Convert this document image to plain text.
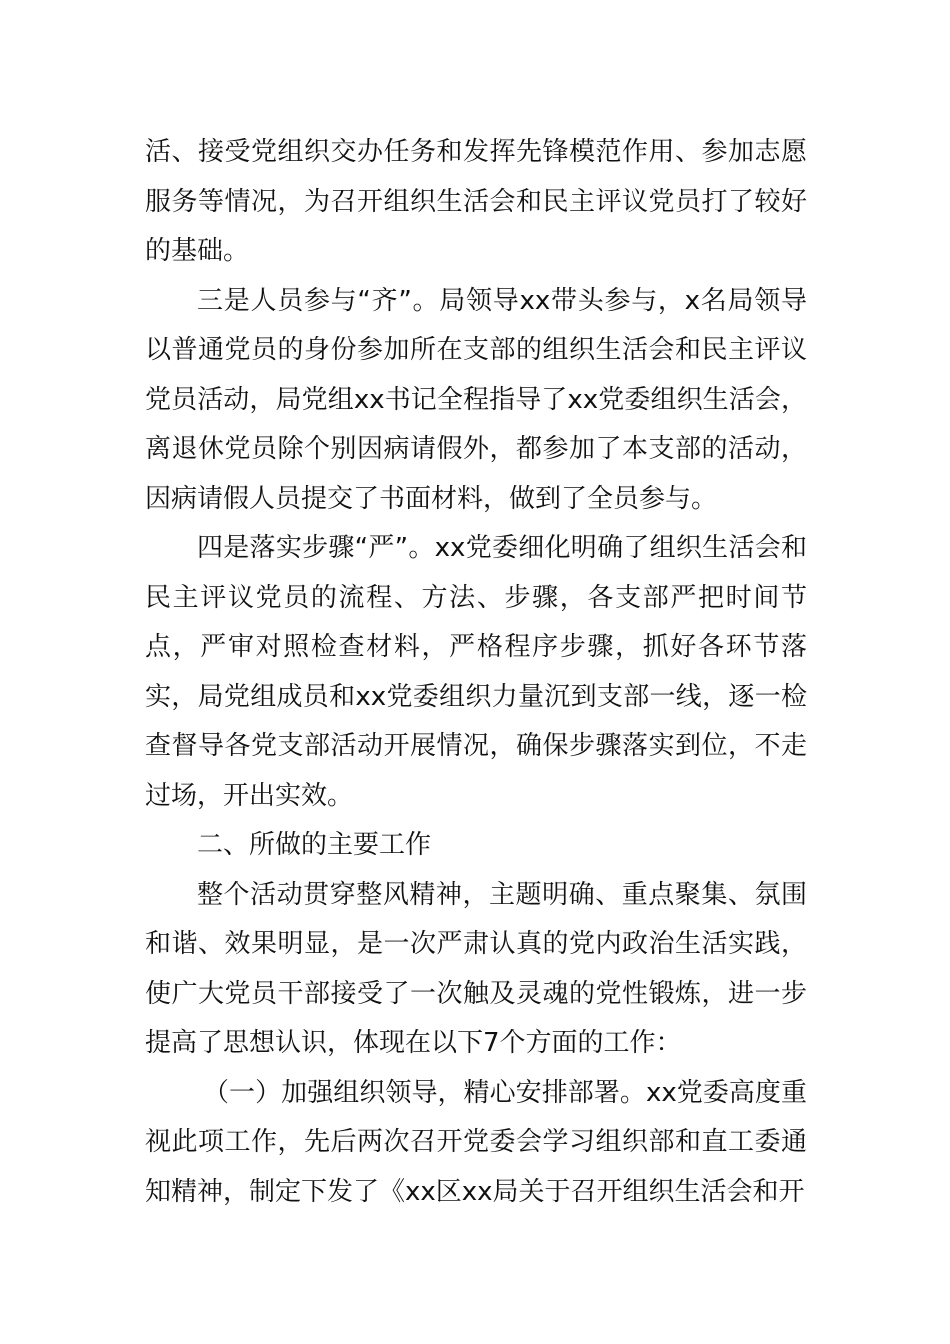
活、接受党组织交办任务和发挥先锋模范作用、参加志愿服务等情况，为召开组织生活会和民主评议党员打了较好的基础。

三是人员参与“齐”。局领导xx带头参与，x名局领导以普通党员的身份参加所在支部的组织生活会和民主评议党员活动，局党组xx书记全程指导了xx党委组织生活会，离退休党员除个别因病请假外，都参加了本支部的活动，因病请假人员提交了书面材料，做到了全员参与。

四是落实步骤“严”。xx党委细化明确了组织生活会和民主评议党员的流程、方法、步骤，各支部严把时间节点，严审对照检查材料，严格程序步骤，抓好各环节落实，局党组成员和xx党委组织力量沉到支部一线，逐一检查督导各党支部活动开展情况，确保步骤落实到位，不走过场，开出实效。

二、所做的主要工作

整个活动贯穿整风精神，主题明确、重点聚集、氛围和谐、效果明显，是一次严肃认真的党内政治生活实践，使广大党员干部接受了一次触及灵魂的党性锻炼，进一步提高了思想认识，体现在以下7个方面的工作：

（一）加强组织领导，精心安排部署。xx党委高度重视此项工作，先后两次召开党委会学习组织部和直工委通知精神，制定下发了《xx区xx局关于召开组织生活会和开
